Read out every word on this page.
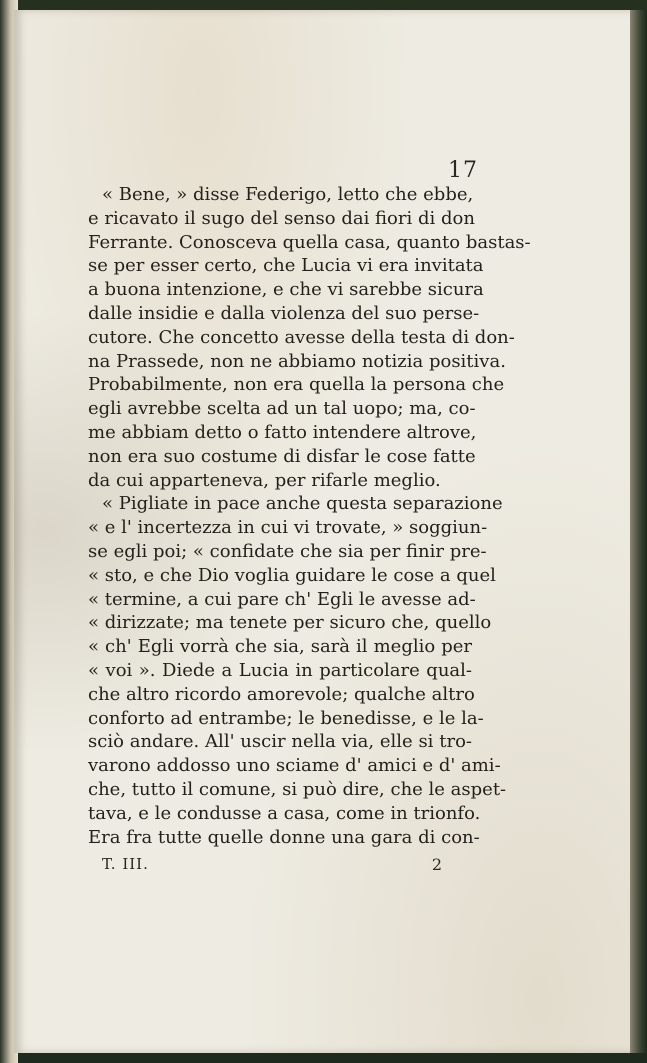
17
« Bene, » disse Federigo, letto che ebbe,
e ricavato il sugo del senso dai fiori di don
Ferrante. Conosceva quella casa, quanto bastas-
se per esser certo, che Lucia vi era invitata
a buona intenzione, e che vi sarebbe sicura
dalle insidie e dalla violenza del suo perse-
cutore. Che concetto avesse della testa di don-
na Prassede, non ne abbiamo notizia positiva.
Probabilmente, non era quella la persona che
egli avrebbe scelta ad un tal uopo; ma, co-
me abbiam detto o fatto intendere altrove,
non era suo costume di disfar le cose fatte
da cui apparteneva, per rifarle meglio.
« Pigliate in pace anche questa separazione
« e l' incertezza in cui vi trovate, » soggiun-
se egli poi; « confidate che sia per finir pre-
« sto, e che Dio voglia guidare le cose a quel
« termine, a cui pare ch' Egli le avesse ad-
« dirizzate; ma tenete per sicuro che, quello
« ch' Egli vorrà che sia, sarà il meglio per
« voi ». Diede a Lucia in particolare qual-
che altro ricordo amorevole; qualche altro
conforto ad entrambe; le benedisse, e le la-
sciò andare. All' uscir nella via, elle si tro-
varono addosso uno sciame d' amici e d' ami-
che, tutto il comune, si può dire, che le aspet-
tava, e le condusse a casa, come in trionfo.
Era fra tutte quelle donne una gara di con-
T. III.	2
